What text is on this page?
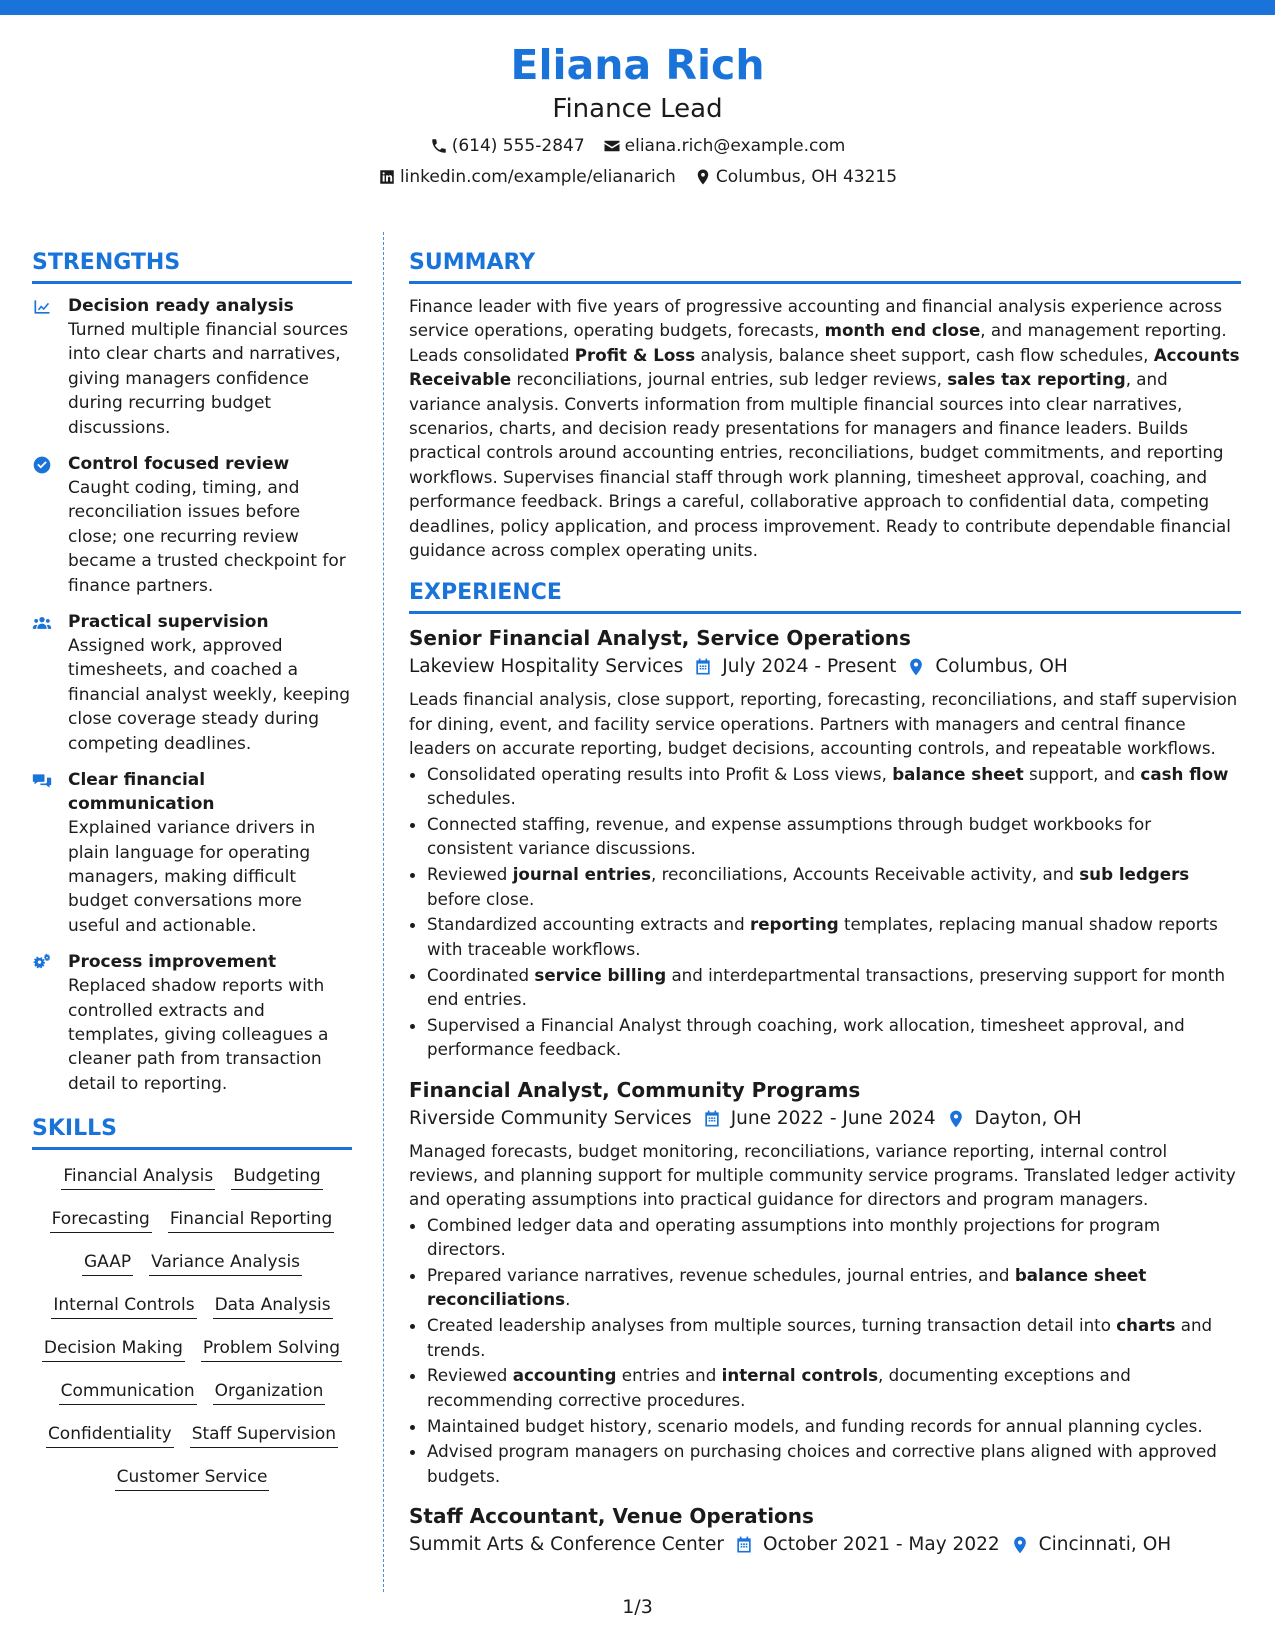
Eliana Rich
Finance Lead
(614) 555-2847 eliana.rich@example.com
linkedin.com/example/elianarich Columbus, OH 43215
STRENGTHS
Decision ready analysis
Turned multiple financial sources into clear charts and narratives, giving managers confidence during recurring budget discussions.
Control focused review
Caught coding, timing, and reconciliation issues before close; one recurring review became a trusted checkpoint for finance partners.
Practical supervision
Assigned work, approved timesheets, and coached a financial analyst weekly, keeping close coverage steady during competing deadlines.
Clear financial communication
Explained variance drivers in plain language for operating managers, making difficult budget conversations more useful and actionable.
Process improvement
Replaced shadow reports with controlled extracts and templates, giving colleagues a cleaner path from transaction detail to reporting.
SKILLS
Financial Analysis Budgeting
Forecasting Financial Reporting
GAAP Variance Analysis
Internal Controls Data Analysis
Decision Making Problem Solving
Communication Organization
Confidentiality Staff Supervision
Customer Service
SUMMARY

Finance leader with five years of progressive accounting and financial analysis experience across service operations, operating budgets, forecasts, month end close, and management reporting. Leads consolidated Profit & Loss analysis, balance sheet support, cash flow schedules, Accounts Receivable reconciliations, journal entries, sub ledger reviews, sales tax reporting, and variance analysis. Converts information from multiple financial sources into clear narratives, scenarios, charts, and decision ready presentations for managers and finance leaders. Builds practical controls around accounting entries, reconciliations, budget commitments, and reporting workflows. Supervises financial staff through work planning, timesheet approval, coaching, and performance feedback. Brings a careful, collaborative approach to confidential data, competing deadlines, policy application, and process improvement. Ready to contribute dependable financial guidance across complex operating units.

EXPERIENCE
Senior Financial Analyst, Service Operations
Lakeview Hospitality Services July 2024 - Present Columbus, OH

Leads financial analysis, close support, reporting, forecasting, reconciliations, and staff supervision for dining, event, and facility service operations. Partners with managers and central finance leaders on accurate reporting, budget decisions, accounting controls, and repeatable workflows.

• Consolidated operating results into Profit & Loss views, balance sheet support, and cash flow schedules.
• Connected staffing, revenue, and expense assumptions through budget workbooks for consistent variance discussions.
• Reviewed journal entries, reconciliations, Accounts Receivable activity, and sub ledgers before close.
• Standardized accounting extracts and reporting templates, replacing manual shadow reports with traceable workflows.
• Coordinated service billing and interdepartmental transactions, preserving support for month end entries.
• Supervised a Financial Analyst through coaching, work allocation, timesheet approval, and performance feedback.
Financial Analyst, Community Programs
Riverside Community Services June 2022 - June 2024 Dayton, OH

Managed forecasts, budget monitoring, reconciliations, variance reporting, internal control reviews, and planning support for multiple community service programs. Translated ledger activity and operating assumptions into practical guidance for directors and program managers.

• Combined ledger data and operating assumptions into monthly projections for program directors.
• Prepared variance narratives, revenue schedules, journal entries, and balance sheet reconciliations.
• Created leadership analyses from multiple sources, turning transaction detail into charts and trends.
• Reviewed accounting entries and internal controls, documenting exceptions and recommending corrective procedures.
• Maintained budget history, scenario models, and funding records for annual planning cycles.
• Advised program managers on purchasing choices and corrective plans aligned with approved budgets.
Staff Accountant, Venue Operations
Summit Arts & Conference Center October 2021 - May 2022 Cincinnati, OH
1/3
